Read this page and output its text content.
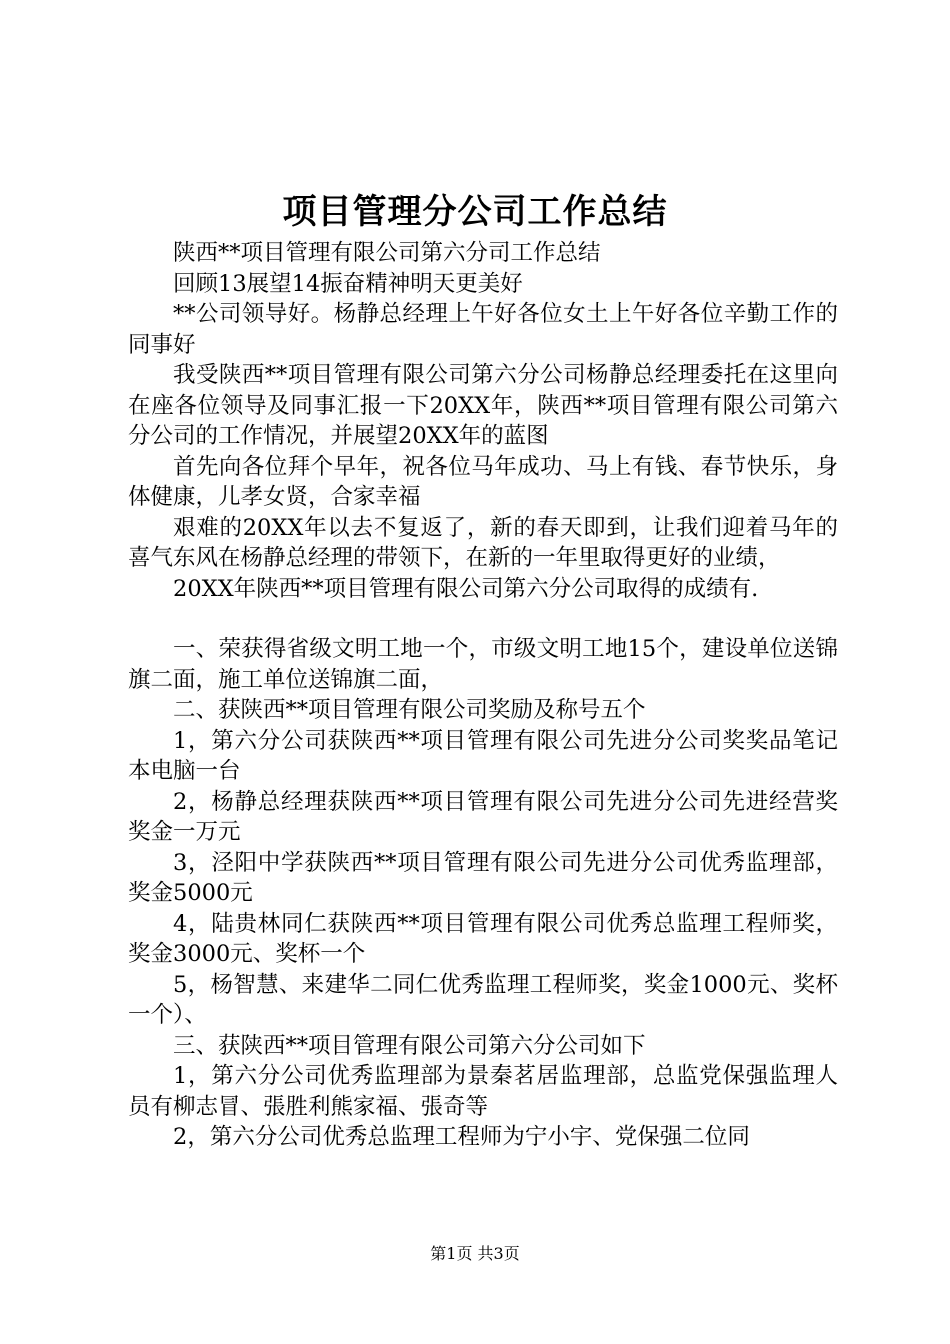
项目管理分公司工作总结

陕西**项目管理有限公司第六分司工作总结

回顾13展望14振奋精神明天更美好

**公司领导好。杨静总经理上午好各位女土上午好各位辛勤工作的同事好

我受陕西**项目管理有限公司第六分公司杨静总经理委托在这里向在座各位领导及同事汇报一下20XX年，陕西**项目管理有限公司第六分公司的工作情况，并展望20XX年的蓝图

首先向各位拜个早年，祝各位马年成功、马上有钱、春节快乐，身体健康，儿孝女贤，合家幸福

艰难的20XX年以去不复返了，新的春天即到，让我们迎着马年的喜气东风在杨静总经理的带领下，在新的一年里取得更好的业绩，

20XX年陕西**项目管理有限公司第六分公司取得的成绩有.

一、荣获得省级文明工地一个，市级文明工地15个，建设单位送锦旗二面，施工单位送锦旗二面，

二、获陕西**项目管理有限公司奖励及称号五个

1，第六分公司获陕西**项目管理有限公司先进分公司奖奖品笔记本电脑一台

2，杨静总经理获陕西**项目管理有限公司先进分公司先进经营奖奖金一万元

3，泾阳中学获陕西**项目管理有限公司先进分公司优秀监理部，奖金5000元

4，陆贵林同仁获陕西**项目管理有限公司优秀总监理工程师奖，奖金3000元、奖杯一个

5，杨智慧、来建华二同仁优秀监理工程师奖，奖金1000元、奖杯一个）、

三、获陕西**项目管理有限公司第六分公司如下

1，第六分公司优秀监理部为景秦茗居监理部，总监党保强监理人员有柳志冒、張胜利熊家福、張奇等

2，第六分公司优秀总监理工程师为宁小宇、党保强二位同

第1页 共3页
